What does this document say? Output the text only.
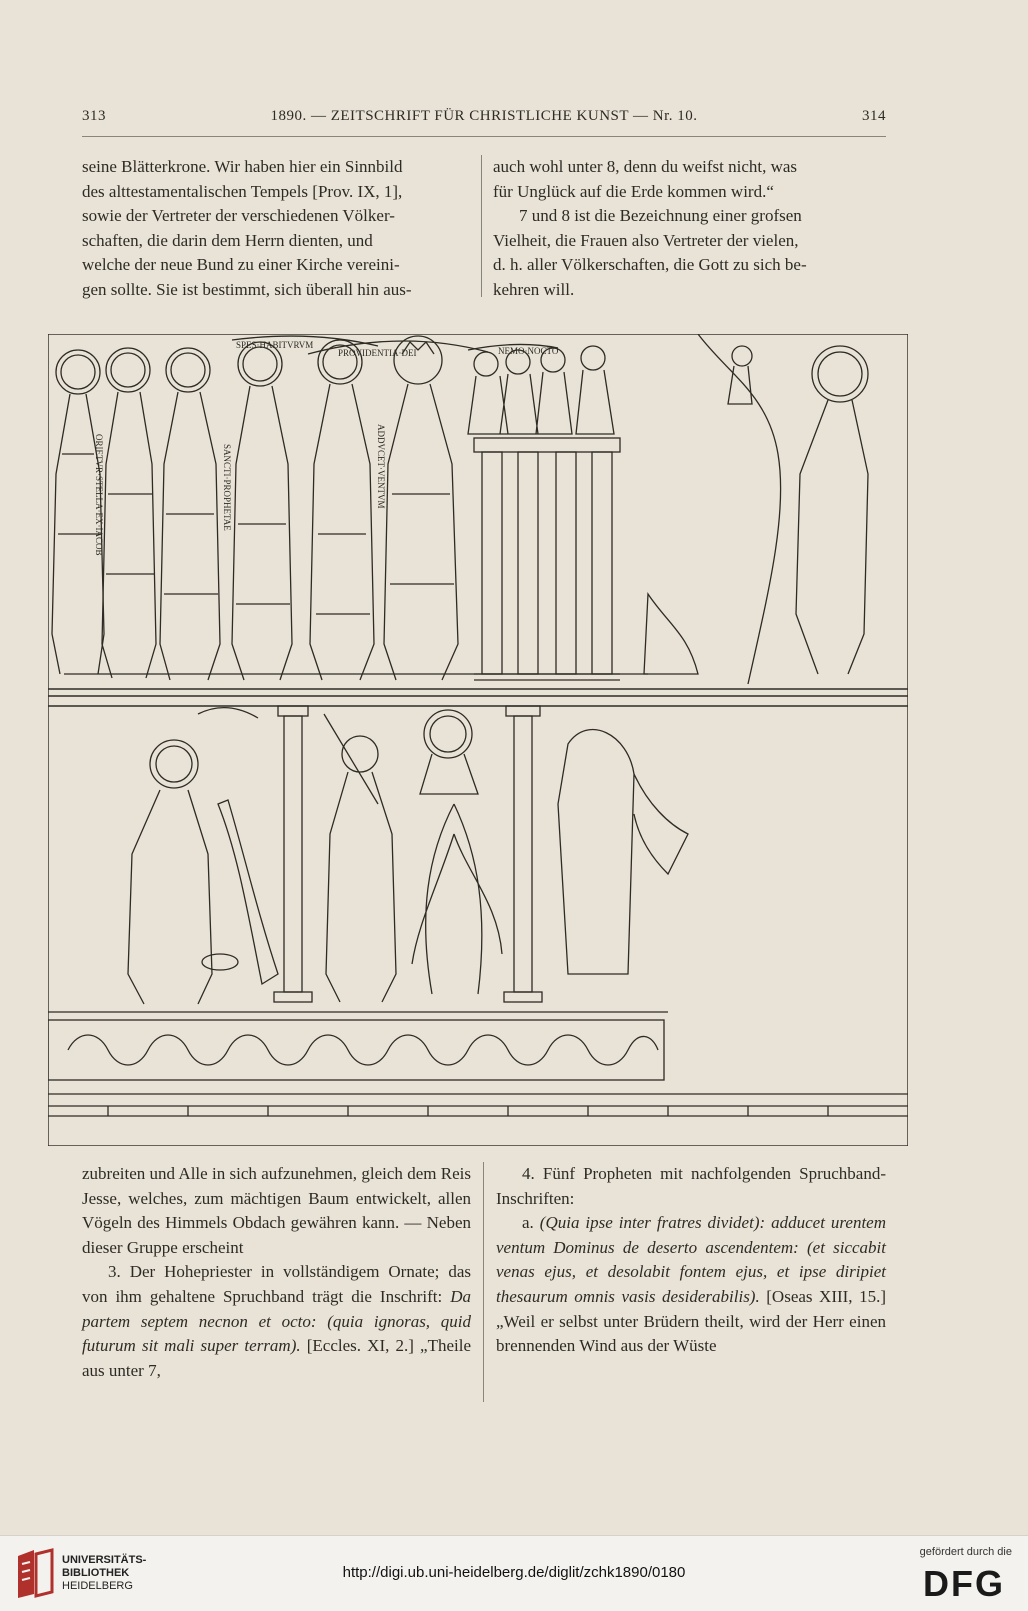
313	1890. — ZEITSCHRIFT FÜR CHRISTLICHE KUNST — Nr. 10.	314
seine Blätterkrone. Wir haben hier ein Sinnbild
des alttestamentalischen Tempels [Prov. IX, 1],
sowie der Vertreter der verschiedenen Völker-
schaften, die darin dem Herrn dienten, und
welche der neue Bund zu einer Kirche vereini-
gen sollte. Sie ist bestimmt, sich überall hin aus-
auch wohl unter 8, denn du weifst nicht, was
für Unglück auf die Erde kommen wird.“
7 und 8 ist die Bezeichnung einer grofsen
Vielheit, die Frauen also Vertreter der vielen,
d. h. aller Völkerschaften, die Gott zu sich be-
kehren will.
SPES·HABITVRVM
PROVIDENTIA·DEI	NEMO·NOCTO
ORIETVR·STELLA·EX·IACOB	SANCTI·PROPHETAE	ADDVCET·VENTVM

zubreiten und Alle in sich aufzunehmen, gleich dem Reis Jesse, welches, zum mächtigen Baum entwickelt, allen Vögeln des Himmels Obdach gewähren kann. — Neben dieser Gruppe erscheint

3. Der Hohepriester in vollständigem Ornate; das von ihm gehaltene Spruchband trägt die Inschrift: Da partem septem necnon et octo: (quia ignoras, quid futurum sit mali super terram). [Eccles. XI, 2.] „Theile aus unter 7,

4. Fünf Propheten mit nachfolgenden Spruchband-Inschriften:

a. (Quia ipse inter fratres dividet): adducet urentem ventum Dominus de deserto ascendentem: (et siccabit venas ejus, et desolabit fontem ejus, et ipse diripiet thesaurum omnis vasis desiderabilis). [Oseas XIII, 15.] „Weil er selbst unter Brüdern theilt, wird der Herr einen brennenden Wind aus der Wüste

UNIVERSITÄTS-
BIBLIOTHEK
HEIDELBERG
http://digi.ub.uni-heidelberg.de/diglit/zchk1890/0180
gefördert durch die
DFG
